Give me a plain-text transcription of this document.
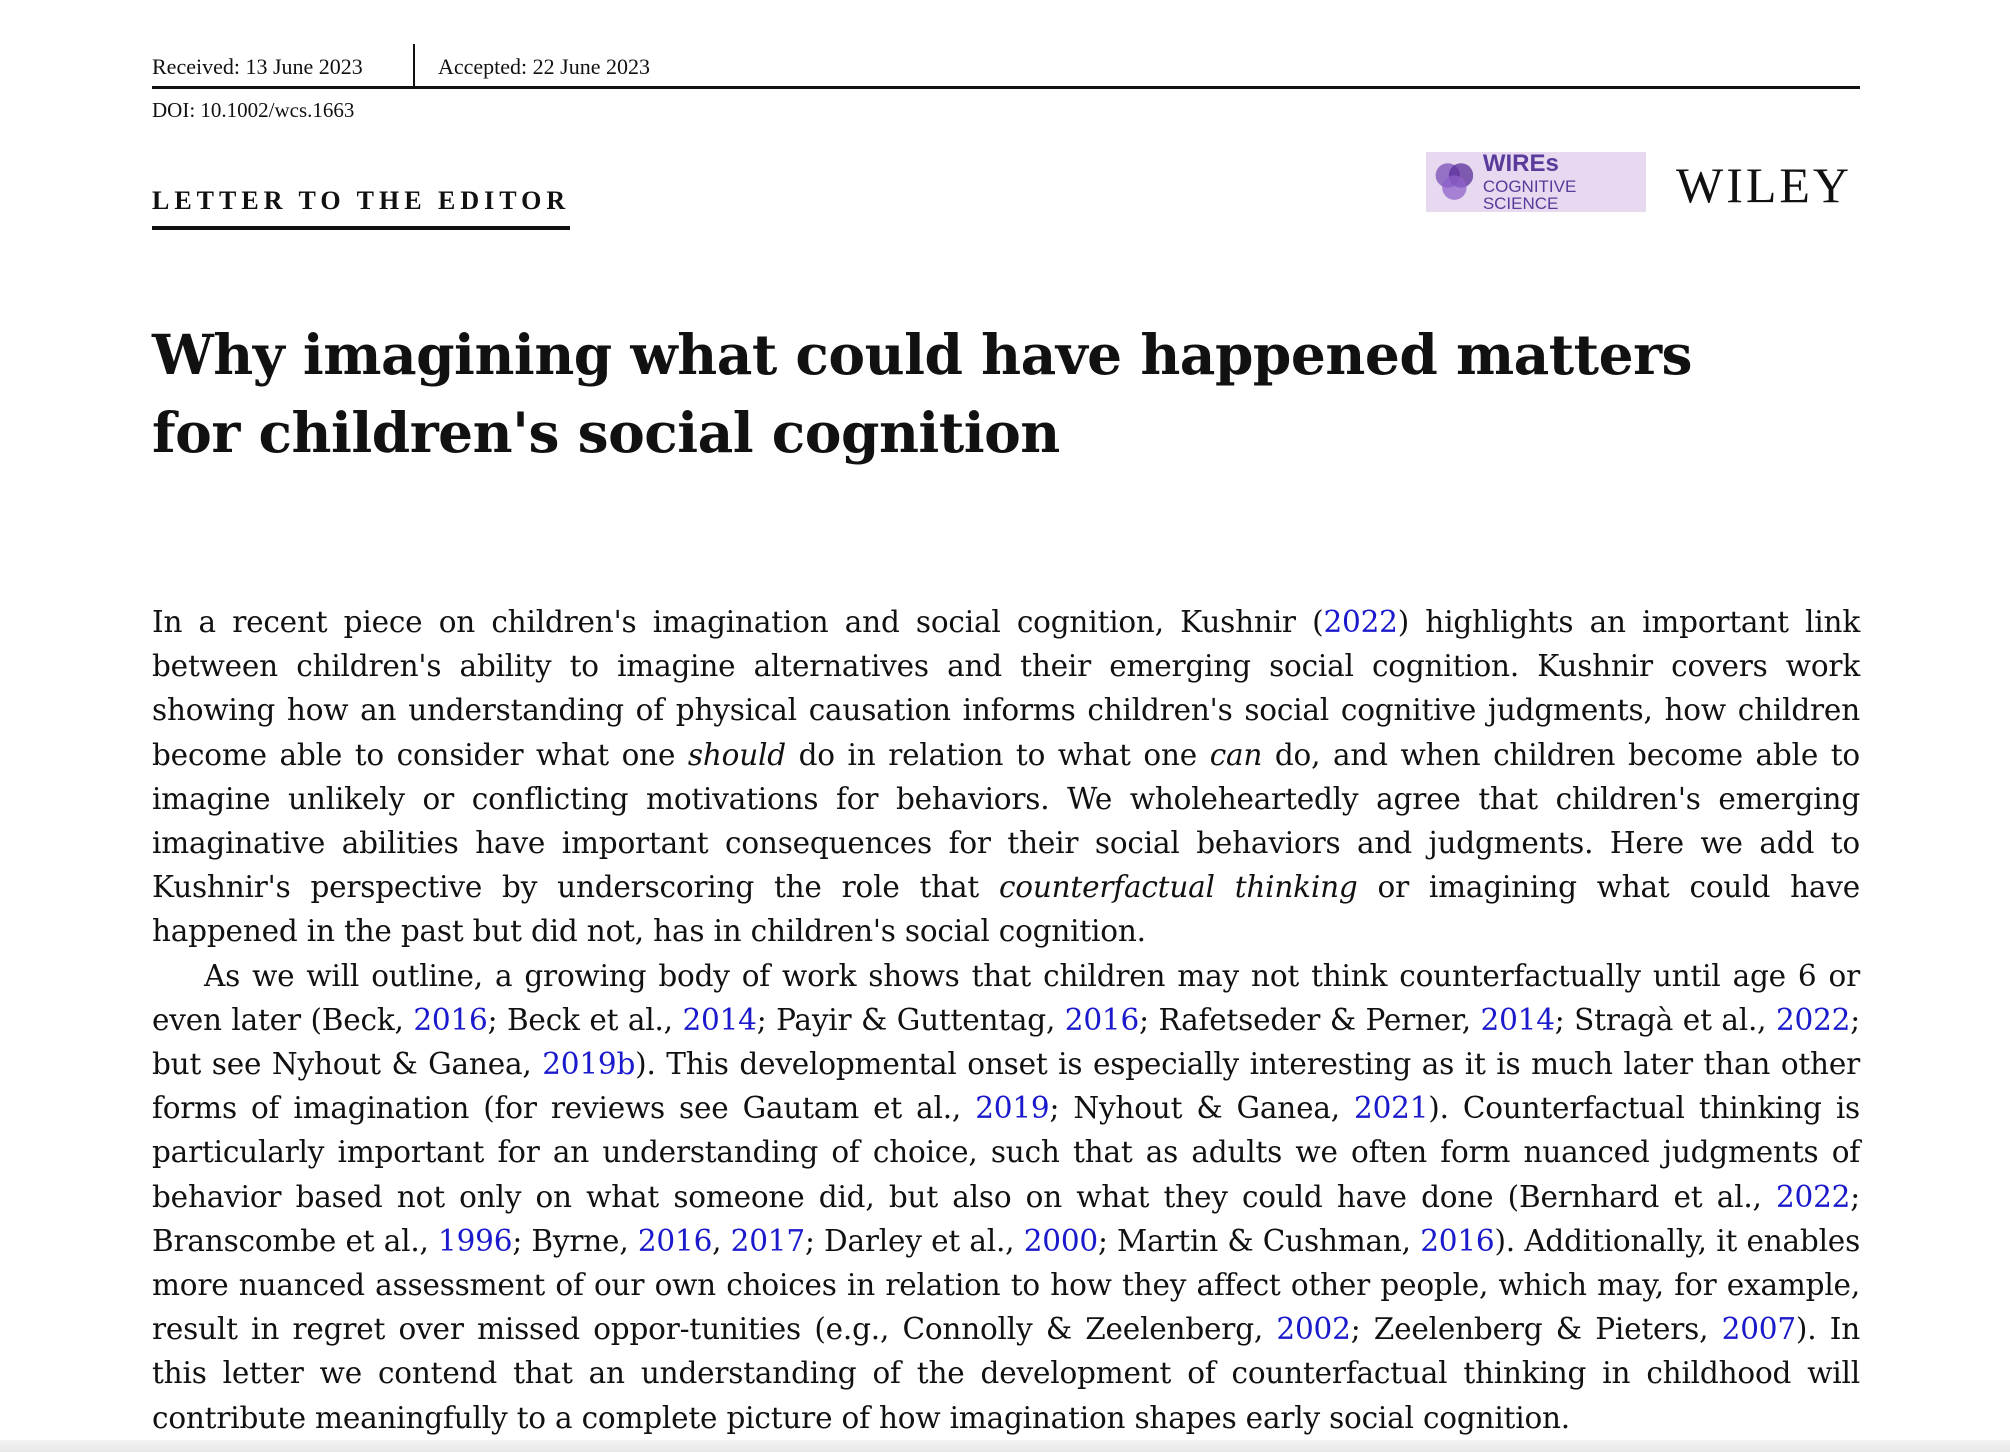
Received: 13 June 2023	Accepted: 22 June 2023
DOI: 10.1002/wcs.1663
LETTER TO THE EDITOR
WIREs
COGNITIVE SCIENCE	WILEY
Why imagining what could have happened matters
for children's social cognition

In a recent piece on children's imagination and social cognition, Kushnir (2022) highlights an important link between children's ability to imagine alternatives and their emerging social cognition. Kushnir covers work showing how an understanding of physical causation informs children's social cognitive judgments, how children become able to consider what one should do in relation to what one can do, and when children become able to imagine unlikely or conflicting motivations for behaviors. We wholeheartedly agree that children's emerging imaginative abilities have important consequences for their social behaviors and judgments. Here we add to Kushnir's perspective by underscoring the role that counterfactual thinking or imagining what could have happened in the past but did not, has in children's social cognition.

As we will outline, a growing body of work shows that children may not think counterfactually until age 6 or even later (Beck, 2016; Beck et al., 2014; Payir & Guttentag, 2016; Rafetseder & Perner, 2014; Stragà et al., 2022; but see Nyhout & Ganea, 2019b). This developmental onset is especially interesting as it is much later than other forms of imagination (for reviews see Gautam et al., 2019; Nyhout & Ganea, 2021). Counterfactual thinking is particularly important for an understanding of choice, such that as adults we often form nuanced judgments of behavior based not only on what someone did, but also on what they could have done (Bernhard et al., 2022; Branscombe et al., 1996; Byrne, 2016, 2017; Darley et al., 2000; Martin & Cushman, 2016). Additionally, it enables more nuanced assessment of our own choices in relation to how they affect other people, which may, for example, result in regret over missed oppor-tunities (e.g., Connolly & Zeelenberg, 2002; Zeelenberg & Pieters, 2007). In this letter we contend that an understanding of the development of counterfactual thinking in childhood will contribute meaningfully to a complete picture of how imagination shapes early social cognition.
